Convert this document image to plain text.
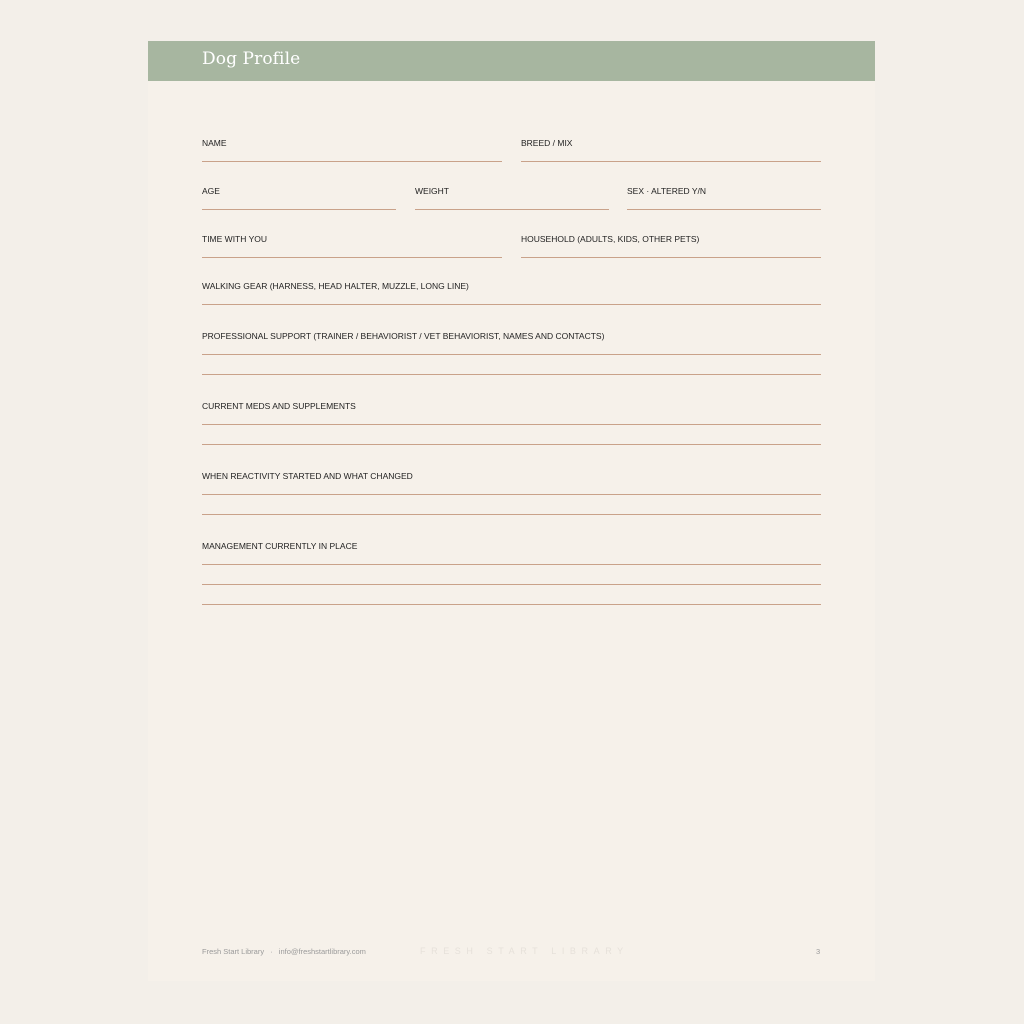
Dog Profile
NAME	BREED / MIX
AGE	WEIGHT	SEX · ALTERED Y/N
TIME WITH YOU	HOUSEHOLD (ADULTS, KIDS, OTHER PETS)
WALKING GEAR (HARNESS, HEAD HALTER, MUZZLE, LONG LINE)
PROFESSIONAL SUPPORT (TRAINER / BEHAVIORIST / VET BEHAVIORIST, NAMES AND CONTACTS)
CURRENT MEDS AND SUPPLEMENTS
WHEN REACTIVITY STARTED AND WHAT CHANGED
MANAGEMENT CURRENTLY IN PLACE
Fresh Start Library · info@freshstartlibrary.com	FRESH START LIBRARY	3
